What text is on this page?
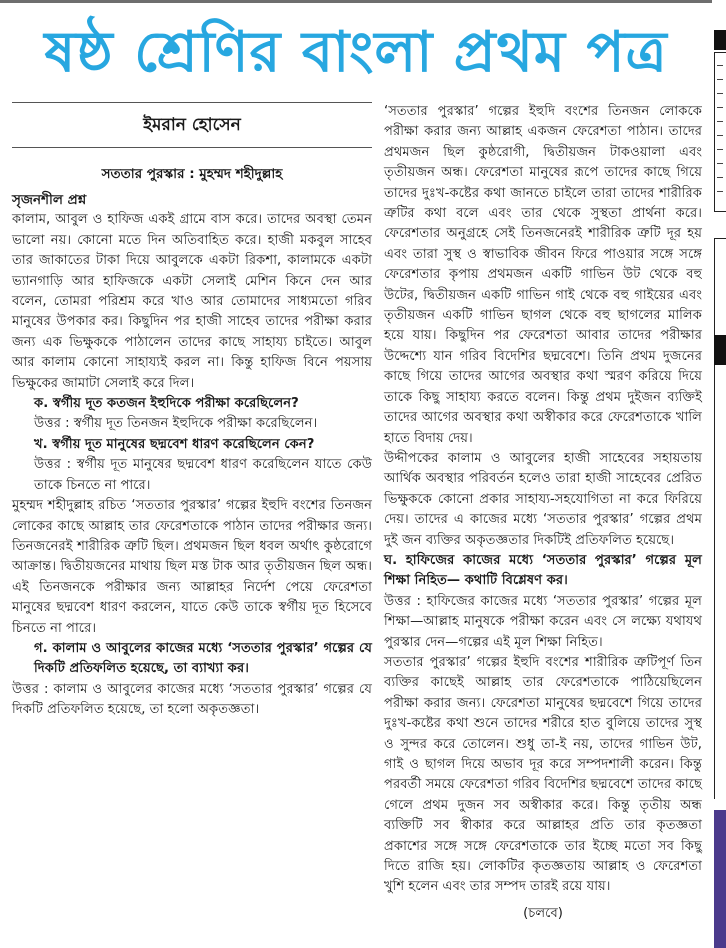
ষষ্ঠ শ্রেণির বাংলা প্রথম পত্র
ইমরান হোসেন
সততার পুরস্কার : মুহম্মদ শহীদুল্লাহ
সৃজনশীল প্রশ্ন

কালাম, আবুল ও হাফিজ একই গ্রামে বাস করে। তাদের অবস্থা তেমন ভালো নয়। কোনো মতে দিন অতিবাহিত করে। হাজী মকবুল সাহেব তার জাকাতের টাকা দিয়ে আবুলকে একটা রিকশা, কালামকে একটা ভ্যানগাড়ি আর হাফিজকে একটা সেলাই মেশিন কিনে দেন আর বলেন, তোমরা পরিশ্রম করে খাও আর তোমাদের সাধ্যমতো গরিব মানুষের উপকার কর। কিছুদিন পর হাজী সাহেব তাদের পরীক্ষা করার জন্য এক ভিক্ষুককে পাঠালেন তাদের কাছে সাহায্য চাইতে। আবুল আর কালাম কোনো সাহায্যই করল না। কিন্তু হাফিজ বিনে পয়সায় ভিক্ষুকের জামাটা সেলাই করে দিল।

ক. স্বর্গীয় দূত কতজন ইহুদিকে পরীক্ষা করেছিলেন?
উত্তর : স্বর্গীয় দূত তিনজন ইহুদিকে পরীক্ষা করেছিলেন।
খ. স্বর্গীয় দূত মানুষের ছদ্মবেশ ধারণ করেছিলেন কেন?
উত্তর : স্বর্গীয় দূত মানুষের ছদ্মবেশ ধারণ করেছিলেন যাতে কেউ তাকে চিনতে না পারে।

মুহম্মদ শহীদুল্লাহ রচিত ‘সততার পুরস্কার’ গল্পের ইহুদি বংশের তিনজন লোকের কাছে আল্লাহ তার ফেরেশতাকে পাঠান তাদের পরীক্ষার জন্য। তিনজনেরই শারীরিক ত্রুটি ছিল। প্রথমজন ছিল ধবল অর্থাৎ কুষ্ঠরোগে আক্রান্ত। দ্বিতীয়জনের মাথায় ছিল মস্ত টাক আর তৃতীয়জন ছিল অন্ধ। এই তিনজনকে পরীক্ষার জন্য আল্লাহর নির্দেশ পেয়ে ফেরেশতা মানুষের ছদ্মবেশ ধারণ করলেন, যাতে কেউ তাকে স্বর্গীয় দূত হিসেবে চিনতে না পারে।

গ. কালাম ও আবুলের কাজের মধ্যে ‘সততার পুরস্কার’ গল্পের যে দিকটি প্রতিফলিত হয়েছে, তা ব্যাখ্যা কর।
উত্তর : কালাম ও আবুলের কাজের মধ্যে ‘সততার পুরস্কার’ গল্পের যে দিকটি প্রতিফলিত হয়েছে, তা হলো অকৃতজ্ঞতা।

‘সততার পুরস্কার’ গল্পের ইহুদি বংশের তিনজন লোককে পরীক্ষা করার জন্য আল্লাহ একজন ফেরেশতা পাঠান। তাদের প্রথমজন ছিল কুষ্ঠরোগী, দ্বিতীয়জন টাকওয়ালা এবং তৃতীয়জন অন্ধ। ফেরেশতা মানুষের রূপে তাদের কাছে গিয়ে তাদের দুঃখ-কষ্টের কথা জানতে চাইলে তারা তাদের শারীরিক ত্রুটির কথা বলে এবং তার থেকে সুস্থতা প্রার্থনা করে। ফেরেশতার অনুগ্রহে সেই তিনজনেরই শারীরিক ত্রুটি দূর হয় এবং তারা সুস্থ ও স্বাভাবিক জীবন ফিরে পাওয়ার সঙ্গে সঙ্গে ফেরেশতার কৃপায় প্রথমজন একটি গাভিন উট থেকে বহু উটের, দ্বিতীয়জন একটি গাভিন গাই থেকে বহু গাইয়ের এবং তৃতীয়জন একটি গাভিন ছাগল থেকে বহু ছাগলের মালিক হয়ে যায়। কিছুদিন পর ফেরেশতা আবার তাদের পরীক্ষার উদ্দেশ্যে যান গরিব বিদেশির ছদ্মবেশে। তিনি প্রথম দুজনের কাছে গিয়ে তাদের আগের অবস্থার কথা স্মরণ করিয়ে দিয়ে তাকে কিছু সাহায্য করতে বলেন। কিন্তু প্রথম দুইজন ব্যক্তিই তাদের আগের অবস্থার কথা অস্বীকার করে ফেরেশতাকে খালি হাতে বিদায় দেয়।

উদ্দীপকের কালাম ও আবুলের হাজী সাহেবের সহায়তায় আর্থিক অবস্থার পরিবর্তন হলেও তারা হাজী সাহেবের প্রেরিত ভিক্ষুককে কোনো প্রকার সাহায্য-সহযোগিতা না করে ফিরিয়ে দেয়। তাদের এ কাজের মধ্যে ‘সততার পুরস্কার’ গল্পের প্রথম দুই জন ব্যক্তির অকৃতজ্ঞতার দিকটিই প্রতিফলিত হয়েছে।

ঘ. হাফিজের কাজের মধ্যে ‘সততার পুরস্কার’ গল্পের মূল শিক্ষা নিহিত— কথাটি বিশ্লেষণ কর।

উত্তর : হাফিজের কাজের মধ্যে ‘সততার পুরস্কার’ গল্পের মূল শিক্ষা—আল্লাহ মানুষকে পরীক্ষা করেন এবং সে লক্ষ্যে যথাযথ পুরস্কার দেন—গল্পের এই মূল শিক্ষা নিহিত।

সততার পুরস্কার’ গল্পের ইহুদি বংশের শারীরিক ত্রুটিপূর্ণ তিন ব্যক্তির কাছেই আল্লাহ তার ফেরেশতাকে পাঠিয়েছিলেন পরীক্ষা করার জন্য। ফেরেশতা মানুষের ছদ্মবেশে গিয়ে তাদের দুঃখ-কষ্টের কথা শুনে তাদের শরীরে হাত বুলিয়ে তাদের সুস্থ ও সুন্দর করে তোলেন। শুধু তা-ই নয়, তাদের গাভিন উট, গাই ও ছাগল দিয়ে অভাব দূর করে সম্পদশালী করেন। কিন্তু পরবর্তী সময়ে ফেরেশতা গরিব বিদেশির ছদ্মবেশে তাদের কাছে গেলে প্রথম দুজন সব অস্বীকার করে। কিন্তু তৃতীয় অন্ধ ব্যক্তিটি সব স্বীকার করে আল্লাহর প্রতি তার কৃতজ্ঞতা প্রকাশের সঙ্গে সঙ্গে ফেরেশতাকে তার ইচ্ছে মতো সব কিছু দিতে রাজি হয়। লোকটির কৃতজ্ঞতায় আল্লাহ ও ফেরেশতা খুশি হলেন এবং তার সম্পদ তারই রয়ে যায়।

(চলবে)
